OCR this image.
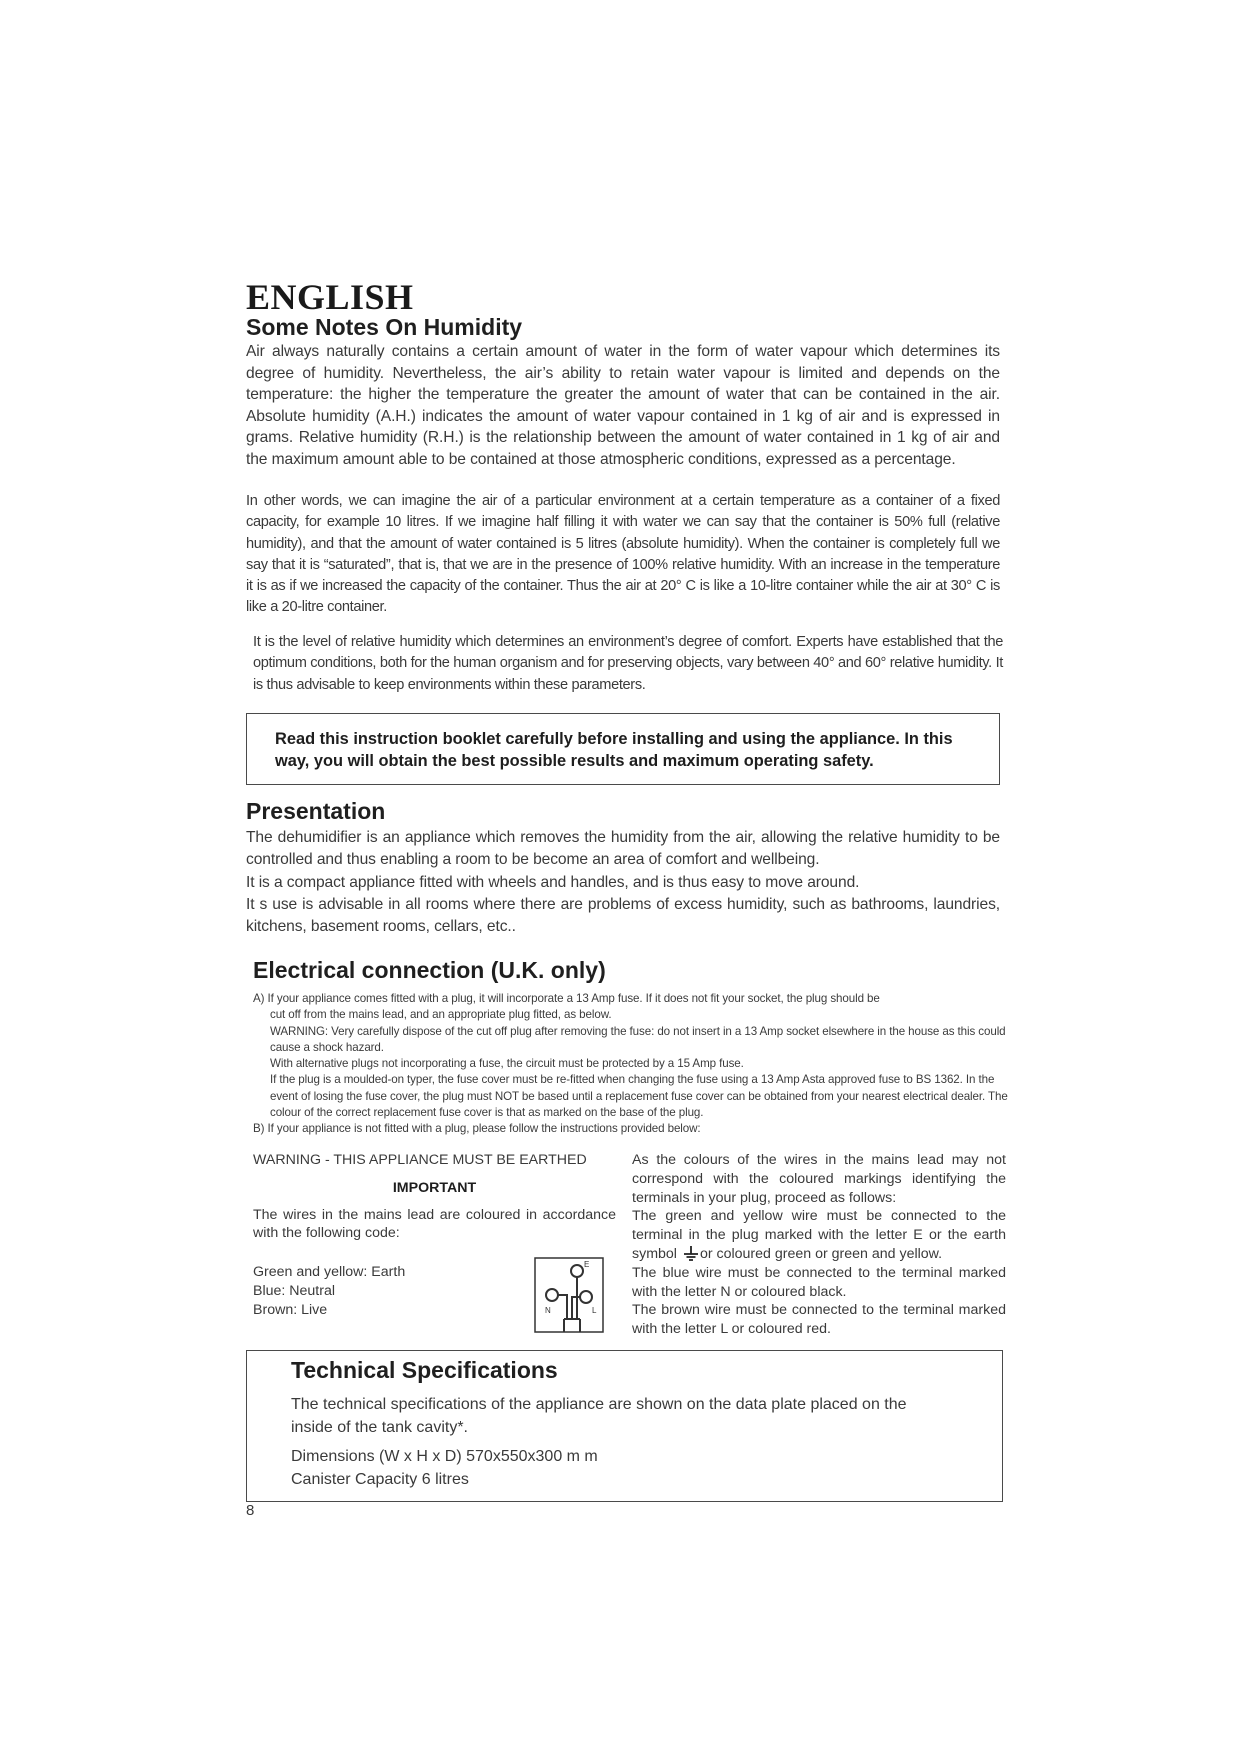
ENGLISH
Some Notes On Humidity

Air always naturally contains a certain amount of water in the form of water vapour which determines its degree of humidity. Nevertheless, the air’s ability to retain water vapour is limited and depends on the temperature: the higher the temperature the greater the amount of water that can be contained in the air. Absolute humidity (A.H.) indicates the amount of water vapour contained in 1 kg of air and is expressed in grams. Relative humidity (R.H.) is the relationship between the amount of water contained in 1 kg of air and the maximum amount able to be contained at those atmospheric conditions, expressed as a percentage.

In other words, we can imagine the air of a particular environment at a certain temperature as a container of a fixed capacity, for example 10 litres. If we imagine half filling it with water we can say that the container is 50% full (relative humidity), and that the amount of water contained is 5 litres (absolute humidity). When the container is completely full we say that it is “saturated”, that is, that we are in the presence of 100% relative humidity. With an increase in the temperature it is as if we increased the capacity of the container. Thus the air at 20° C is like a 10-litre container while the air at 30° C is like a 20-litre container.

It is the level of relative humidity which determines an environment’s degree of comfort. Experts have established that the optimum conditions, both for the human organism and for preserving objects, vary between 40° and 60° relative humidity. It is thus advisable to keep environments within these parameters.

Read this instruction booklet carefully before installing and using the appliance. In this way, you will obtain the best possible results and maximum operating safety.

Presentation

The dehumidifier is an appliance which removes the humidity from the air, allowing the relative humidity to be controlled and thus enabling a room to be become an area of comfort and wellbeing.

It is a compact appliance fitted with wheels and handles, and is thus easy to move around.

It s use is advisable in all rooms where there are problems of excess humidity, such as bathrooms, laundries, kitchens, basement rooms, cellars, etc..

Electrical connection (U.K. only)
A) If your appliance comes fitted with a plug, it will incorporate a 13 Amp fuse. If it does not fit your socket, the plug should be
cut off from the mains lead, and an appropriate plug fitted, as below.
WARNING: Very carefully dispose of the cut off plug after removing the fuse: do not insert in a 13 Amp socket elsewhere in the house as this could cause a shock hazard.
With alternative plugs not incorporating a fuse, the circuit must be protected by a 15 Amp fuse.
If the plug is a moulded-on typer, the fuse cover must be re-fitted when changing the fuse using a 13 Amp Asta approved fuse to BS 1362. In the event of losing the fuse cover, the plug must NOT be based until a replacement fuse cover can be obtained from your nearest electrical dealer. The colour of the correct replacement fuse cover is that as marked on the base of the plug.
B) If your appliance is not fitted with a plug, please follow the instructions provided below:

WARNING - THIS APPLIANCE MUST BE EARTHED

IMPORTANT

The wires in the mains lead are coloured in accordance with the following code:

Green and yellow: Earth

Blue: Neutral

Brown: Live

E
N	L

As the colours of the wires in the mains lead may not correspond with the coloured markings identifying the terminals in your plug, proceed as follows:

The green and yellow wire must be connected to the terminal in the plug marked with the letter E or the earth symbol or coloured green or green and yellow.

The blue wire must be connected to the terminal marked with the letter N or coloured black.

The brown wire must be connected to the terminal marked with the letter L or coloured red.

Technical Specifications

The technical specifications of the appliance are shown on the data plate placed on the inside of the tank cavity*.

Dimensions (W x H x D) 570x550x300 m m

Canister Capacity 6 litres

8
